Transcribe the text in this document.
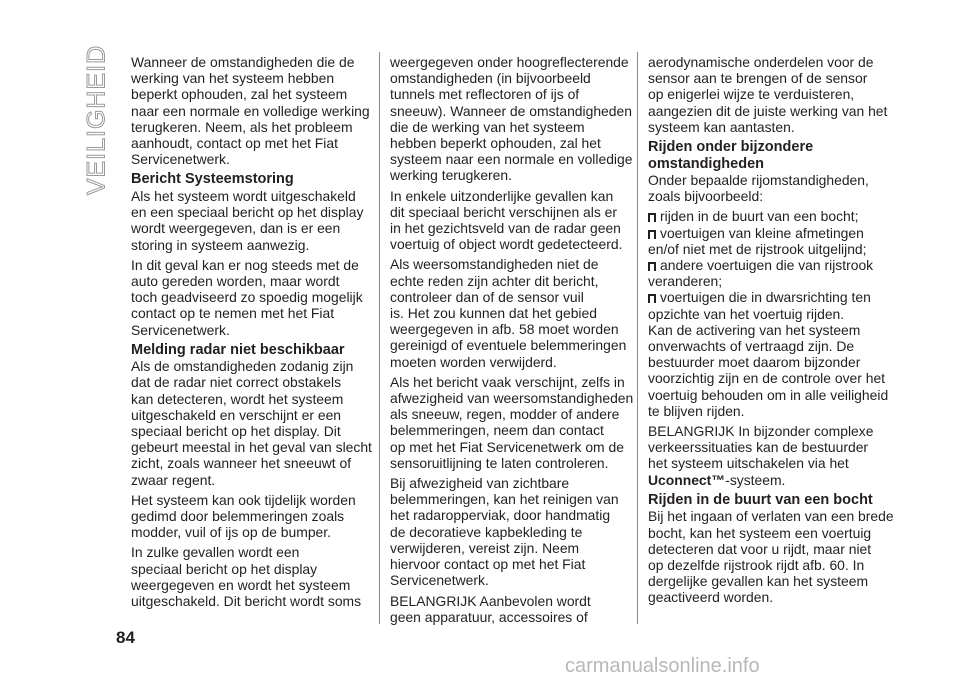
VEILIGHEID Wanneer de omstandigheden die de
werking van het systeem hebben
beperkt ophouden, zal het systeem
naar een normale en volledige werking
terugkeren. Neem, als het probleem
aanhoudt, contact op met het Fiat
Servicenetwerk.

Bericht Systeemstoring

Als het systeem wordt uitgeschakeld
en een speciaal bericht op het display
wordt weergegeven, dan is er een
storing in systeem aanwezig.

In dit geval kan er nog steeds met de
auto gereden worden, maar wordt
toch geadviseerd zo spoedig mogelijk
contact op te nemen met het Fiat
Servicenetwerk.

Melding radar niet beschikbaar

Als de omstandigheden zodanig zijn
dat de radar niet correct obstakels
kan detecteren, wordt het systeem
uitgeschakeld en verschijnt er een
speciaal bericht op het display. Dit
gebeurt meestal in het geval van slecht
zicht, zoals wanneer het sneeuwt of
zwaar regent.

Het systeem kan ook tijdelijk worden
gedimd door belemmeringen zoals
modder, vuil of ijs op de bumper.

In zulke gevallen wordt een
speciaal bericht op het display
weergegeven en wordt het systeem
uitgeschakeld. Dit bericht wordt soms

weergegeven onder hoogreflecterende
omstandigheden (in bijvoorbeeld
tunnels met reflectoren of ijs of
sneeuw). Wanneer de omstandigheden
die de werking van het systeem
hebben beperkt ophouden, zal het
systeem naar een normale en volledige
werking terugkeren.

In enkele uitzonderlijke gevallen kan
dit speciaal bericht verschijnen als er
in het gezichtsveld van de radar geen
voertuig of object wordt gedetecteerd.

Als weersomstandigheden niet de
echte reden zijn achter dit bericht,
controleer dan of de sensor vuil
is. Het zou kunnen dat het gebied
weergegeven in afb. 58 moet worden
gereinigd of eventuele belemmeringen
moeten worden verwijderd.

Als het bericht vaak verschijnt, zelfs in
afwezigheid van weersomstandigheden
als sneeuw, regen, modder of andere
belemmeringen, neem dan contact
op met het Fiat Servicenetwerk om de
sensoruitlijning te laten controleren.

Bij afwezigheid van zichtbare
belemmeringen, kan het reinigen van
het radaropperviak, door handmatig
de decoratieve kapbekleding te
verwijderen, vereist zijn. Neem
hiervoor contact op met het Fiat
Servicenetwerk.

BELANGRIJK Aanbevolen wordt
geen apparatuur, accessoires of

aerodynamische onderdelen voor de
sensor aan te brengen of de sensor
op enigerlei wijze te verduisteren,
aangezien dit de juiste werking van het
systeem kan aantasten.

Rijden onder bijzondere
omstandigheden

Onder bepaalde rijomstandigheden,
zoals bijvoorbeeld:

rijden in de buurt van een bocht;
voertuigen van kleine afmetingen
en/of niet met de rijstrook uitgelijnd;
andere voertuigen die van rijstrook
veranderen;
voertuigen die in dwarsrichting ten
opzichte van het voertuig rijden.

Kan de activering van het systeem
onverwachts of vertraagd zijn. De
bestuurder moet daarom bijzonder
voorzichtig zijn en de controle over het
voertuig behouden om in alle veiligheid
te blijven rijden.

BELANGRIJK In bijzonder complexe
verkeerssituaties kan de bestuurder
het systeem uitschakelen via het
Uconnect™-systeem.

Rijden in de buurt van een bocht

Bij het ingaan of verlaten van een brede
bocht, kan het systeem een voertuig
detecteren dat voor u rijdt, maar niet
op dezelfde rijstrook rijdt afb. 60. In
dergelijke gevallen kan het systeem
geactiveerd worden.

84
carmanualsonline.info
